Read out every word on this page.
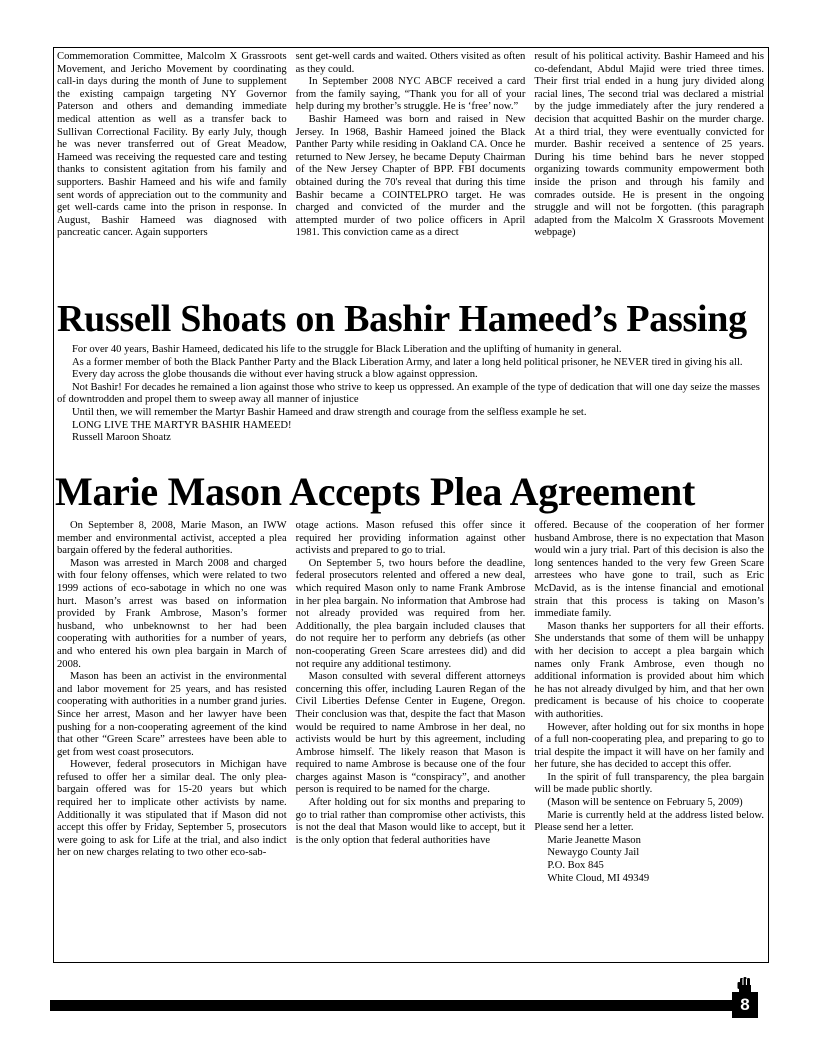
Commemoration Committee, Malcolm X Grassroots Movement, and Jericho Movement by coordinating call-in days during the month of June to supplement the existing campaign targeting NY Governor Paterson and others and demanding immediate medical attention as well as a transfer back to Sullivan Correctional Facility. By early July, though he was never transferred out of Great Meadow, Hameed was receiving the requested care and testing thanks to consistent agitation from his family and supporters. Bashir Hameed and his wife and family sent words of appreciation out to the community and get well-cards came into the prison in response. In August, Bashir Hameed was diagnosed with pancreatic cancer. Again supporters

sent get-well cards and waited. Others visited as often as they could.

In September 2008 NYC ABCF received a card from the family saying, “Thank you for all of your help during my brother’s struggle. He is ‘free’ now.”

Bashir Hameed was born and raised in New Jersey. In 1968, Bashir Hameed joined the Black Panther Party while residing in Oakland CA. Once he returned to New Jersey, he became Deputy Chairman of the New Jersey Chapter of BPP. FBI documents obtained during the 70's reveal that during this time Bashir became a COINTELPRO target. He was charged and convicted of the murder and the attempted murder of two police officers in April 1981. This conviction came as a direct

result of his political activity. Bashir Hameed and his co-defendant, Abdul Majid were tried three times. Their first trial ended in a hung jury divided along racial lines, The second trial was declared a mistrial by the judge immediately after the jury rendered a decision that acquitted Bashir on the murder charge. At a third trial, they were eventually convicted for murder. Bashir received a sentence of 25 years. During his time behind bars he never stopped organizing towards community empowerment both inside the prison and through his family and comrades outside. He is present in the ongoing struggle and will not be forgotten. (this paragraph adapted from the Malcolm X Grassroots Movement webpage)

Russell Shoats on Bashir Hameed’s Passing

For over 40 years, Bashir Hameed, dedicated his life to the struggle for Black Liberation and the uplifting of humanity in general.

As a former member of both the Black Panther Party and the Black Liberation Army, and later a long held political prisoner, he NEVER tired in giving his all.

Every day across the globe thousands die without ever having struck a blow against oppression.

Not Bashir! For decades he remained a lion against those who strive to keep us oppressed. An example of the type of dedication that will one day seize the masses of downtrodden and propel them to sweep away all manner of injustice

Until then, we will remember the Martyr Bashir Hameed and draw strength and courage from the selfless example he set.

LONG LIVE THE MARTYR BASHIR HAMEED!

Russell Maroon Shoatz

Marie Mason Accepts Plea Agreement

On September 8, 2008, Marie Mason, an IWW member and environmental activist, accepted a plea bargain offered by the federal authorities.

Mason was arrested in March 2008 and charged with four felony offenses, which were related to two 1999 actions of eco-sabotage in which no one was hurt. Mason’s arrest was based on information provided by Frank Ambrose, Mason’s former husband, who unbeknownst to her had been cooperating with authorities for a number of years, and who entered his own plea bargain in March of 2008.

Mason has been an activist in the environmental and labor movement for 25 years, and has resisted cooperating with authorities in a number grand juries. Since her arrest, Mason and her lawyer have been pushing for a non-cooperating agreement of the kind that other “Green Scare” arrestees have been able to get from west coast prosecutors.

However, federal prosecutors in Michigan have refused to offer her a similar deal. The only plea-bargain offered was for 15-20 years but which required her to implicate other activists by name. Additionally it was stipulated that if Mason did not accept this offer by Friday, September 5, prosecutors were going to ask for Life at the trial, and also indict her on new charges relating to two other eco-sab-

otage actions. Mason refused this offer since it required her providing information against other activists and prepared to go to trial.

On September 5, two hours before the deadline, federal prosecutors relented and offered a new deal, which required Mason only to name Frank Ambrose in her plea bargain. No information that Ambrose had not already provided was required from her. Additionally, the plea bargain included clauses that do not require her to perform any debriefs (as other non-cooperating Green Scare arrestees did) and did not require any additional testimony.

Mason consulted with several different attorneys concerning this offer, including Lauren Regan of the Civil Liberties Defense Center in Eugene, Oregon. Their conclusion was that, despite the fact that Mason would be required to name Ambrose in her deal, no activists would be hurt by this agreement, including Ambrose himself. The likely reason that Mason is required to name Ambrose is because one of the four charges against Mason is “conspiracy”, and another person is required to be named for the charge.

After holding out for six months and preparing to go to trial rather than compromise other activists, this is not the deal that Mason would like to accept, but it is the only option that federal authorities have

offered. Because of the cooperation of her former husband Ambrose, there is no expectation that Mason would win a jury trial. Part of this decision is also the long sentences handed to the very few Green Scare arrestees who have gone to trail, such as Eric McDavid, as is the intense financial and emotional strain that this process is taking on Mason’s immediate family.

Mason thanks her supporters for all their efforts. She understands that some of them will be unhappy with her decision to accept a plea bargain which names only Frank Ambrose, even though no additional information is provided about him which he has not already divulged by him, and that her own predicament is because of his choice to cooperate with authorities.

However, after holding out for six months in hope of a full non-cooperating plea, and preparing to go to trial despite the impact it will have on her family and her future, she has decided to accept this offer.

In the spirit of full transparency, the plea bargain will be made public shortly.

(Mason will be sentence on February 5, 2009)

Marie is currently held at the address listed below. Please send her a letter.

Marie Jeanette Mason

Newaygo County Jail

P.O. Box 845

White Cloud, MI 49349

8
